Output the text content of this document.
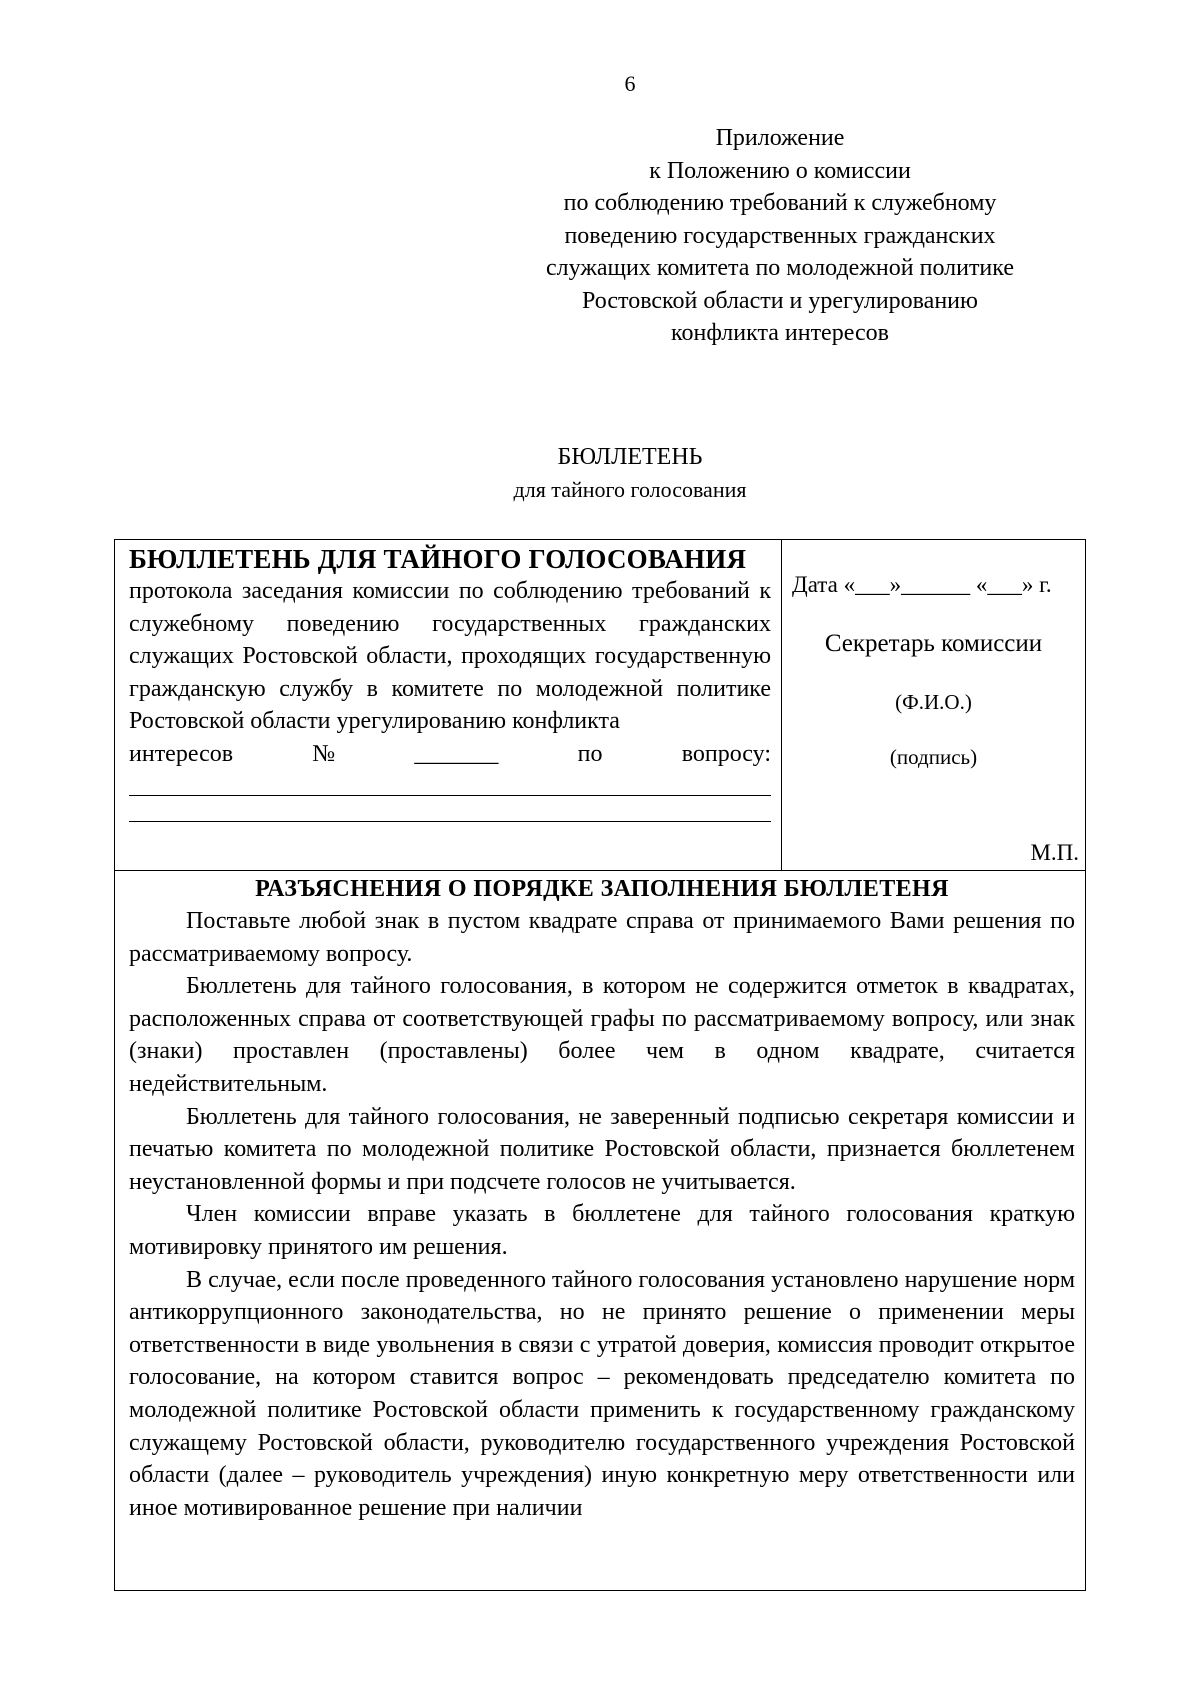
6
Приложение
к Положению о комиссии
по соблюдению требований к служебному
поведению государственных гражданских
служащих комитета по молодежной политике
Ростовской области и урегулированию
конфликта интересов
БЮЛЛЕТЕНЬ
для тайного голосования
БЮЛЛЕТЕНЬ ДЛЯ ТАЙНОГО ГОЛОСОВАНИЯ
протокола заседания комиссии по соблюдению требований к служебному поведению государственных гражданских служащих Ростовской области, проходящих государственную гражданскую службу в комитете по молодежной политике Ростовской области урегулированию конфликта
интересов	№	_______	по	вопросу:
Дата «___»______ «___» г.
Секретарь комиссии
(Ф.И.О.)
(подпись)
М.П.
РАЗЪЯСНЕНИЯ О ПОРЯДКЕ ЗАПОЛНЕНИЯ БЮЛЛЕТЕНЯ

Поставьте любой знак в пустом квадрате справа от принимаемого Вами решения по рассматриваемому вопросу.

Бюллетень для тайного голосования, в котором не содержится отметок в квадратах, расположенных справа от соответствующей графы по рассматриваемому вопросу, или знак (знаки) проставлен (проставлены) более чем в одном квадрате, считается недействительным.

Бюллетень для тайного голосования, не заверенный подписью секретаря комиссии и печатью комитета по молодежной политике Ростовской области, признается бюллетенем неустановленной формы и при подсчете голосов не учитывается.

Член комиссии вправе указать в бюллетене для тайного голосования краткую мотивировку принятого им решения.

В случае, если после проведенного тайного голосования установлено нарушение норм антикоррупционного законодательства, но не принято решение о применении меры ответственности в виде увольнения в связи с утратой доверия, комиссия проводит открытое голосование, на котором ставится вопрос – рекомендовать председателю комитета по молодежной политике Ростовской области применить к государственному гражданскому служащему Ростовской области, руководителю государственного учреждения Ростовской области (далее – руководитель учреждения) иную конкретную меру ответственности или иное мотивированное решение при наличии
